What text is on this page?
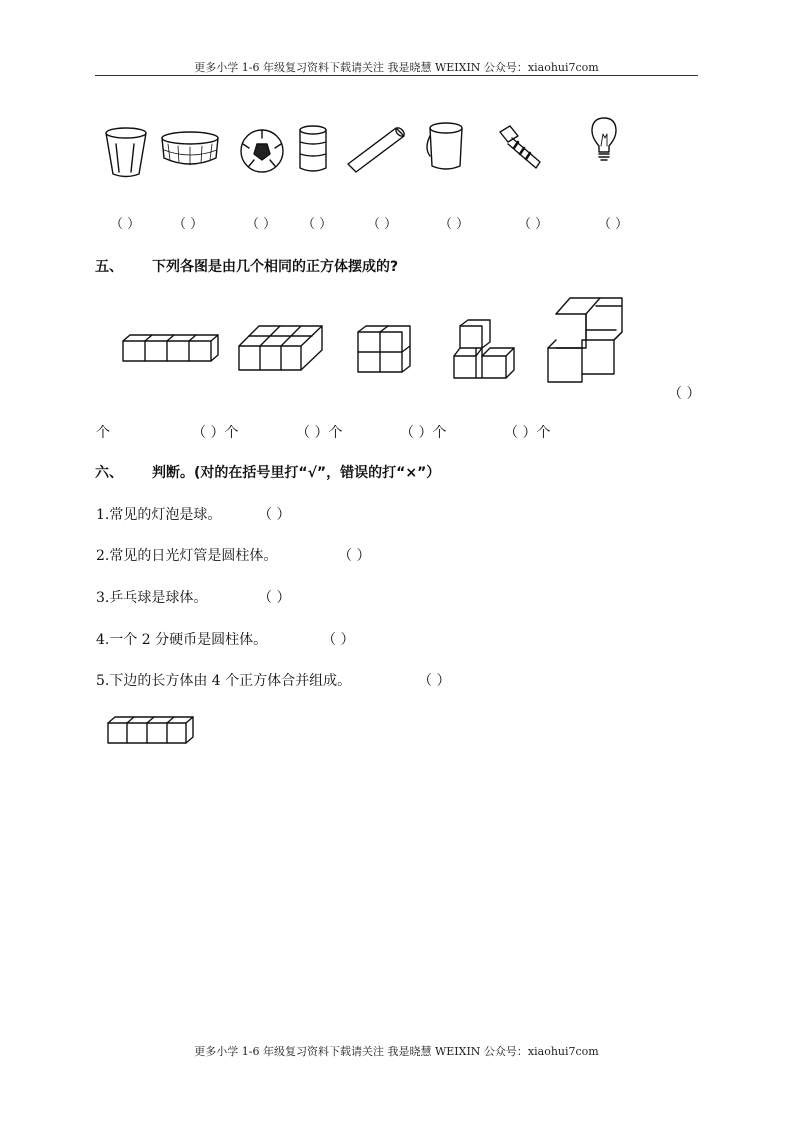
更多小学 1-6 年级复习资料下载请关注 我是晓慧 WEIXIN 公众号：xiaohui7com
（ ）	（ ）	（ ） （ ）	（ ）	（ ）	（ ）	（ ）
五、 下列各图是由几个相同的正方体摆成的?
（ ）
个	（ ）个	（ ）个	（ ）个	（ ）个
六、 判断。(对的在括号里打“√”，错误的打“×”）
1.常见的灯泡是球。	（ ）
2.常见的日光灯管是圆柱体。	（ ）
3.乒乓球是球体。	（ ）
4.一个 2 分硬币是圆柱体。	（ ）
5.下边的长方体由 4 个正方体合并组成。	（ ）
更多小学 1-6 年级复习资料下载请关注 我是晓慧 WEIXIN 公众号：xiaohui7com
